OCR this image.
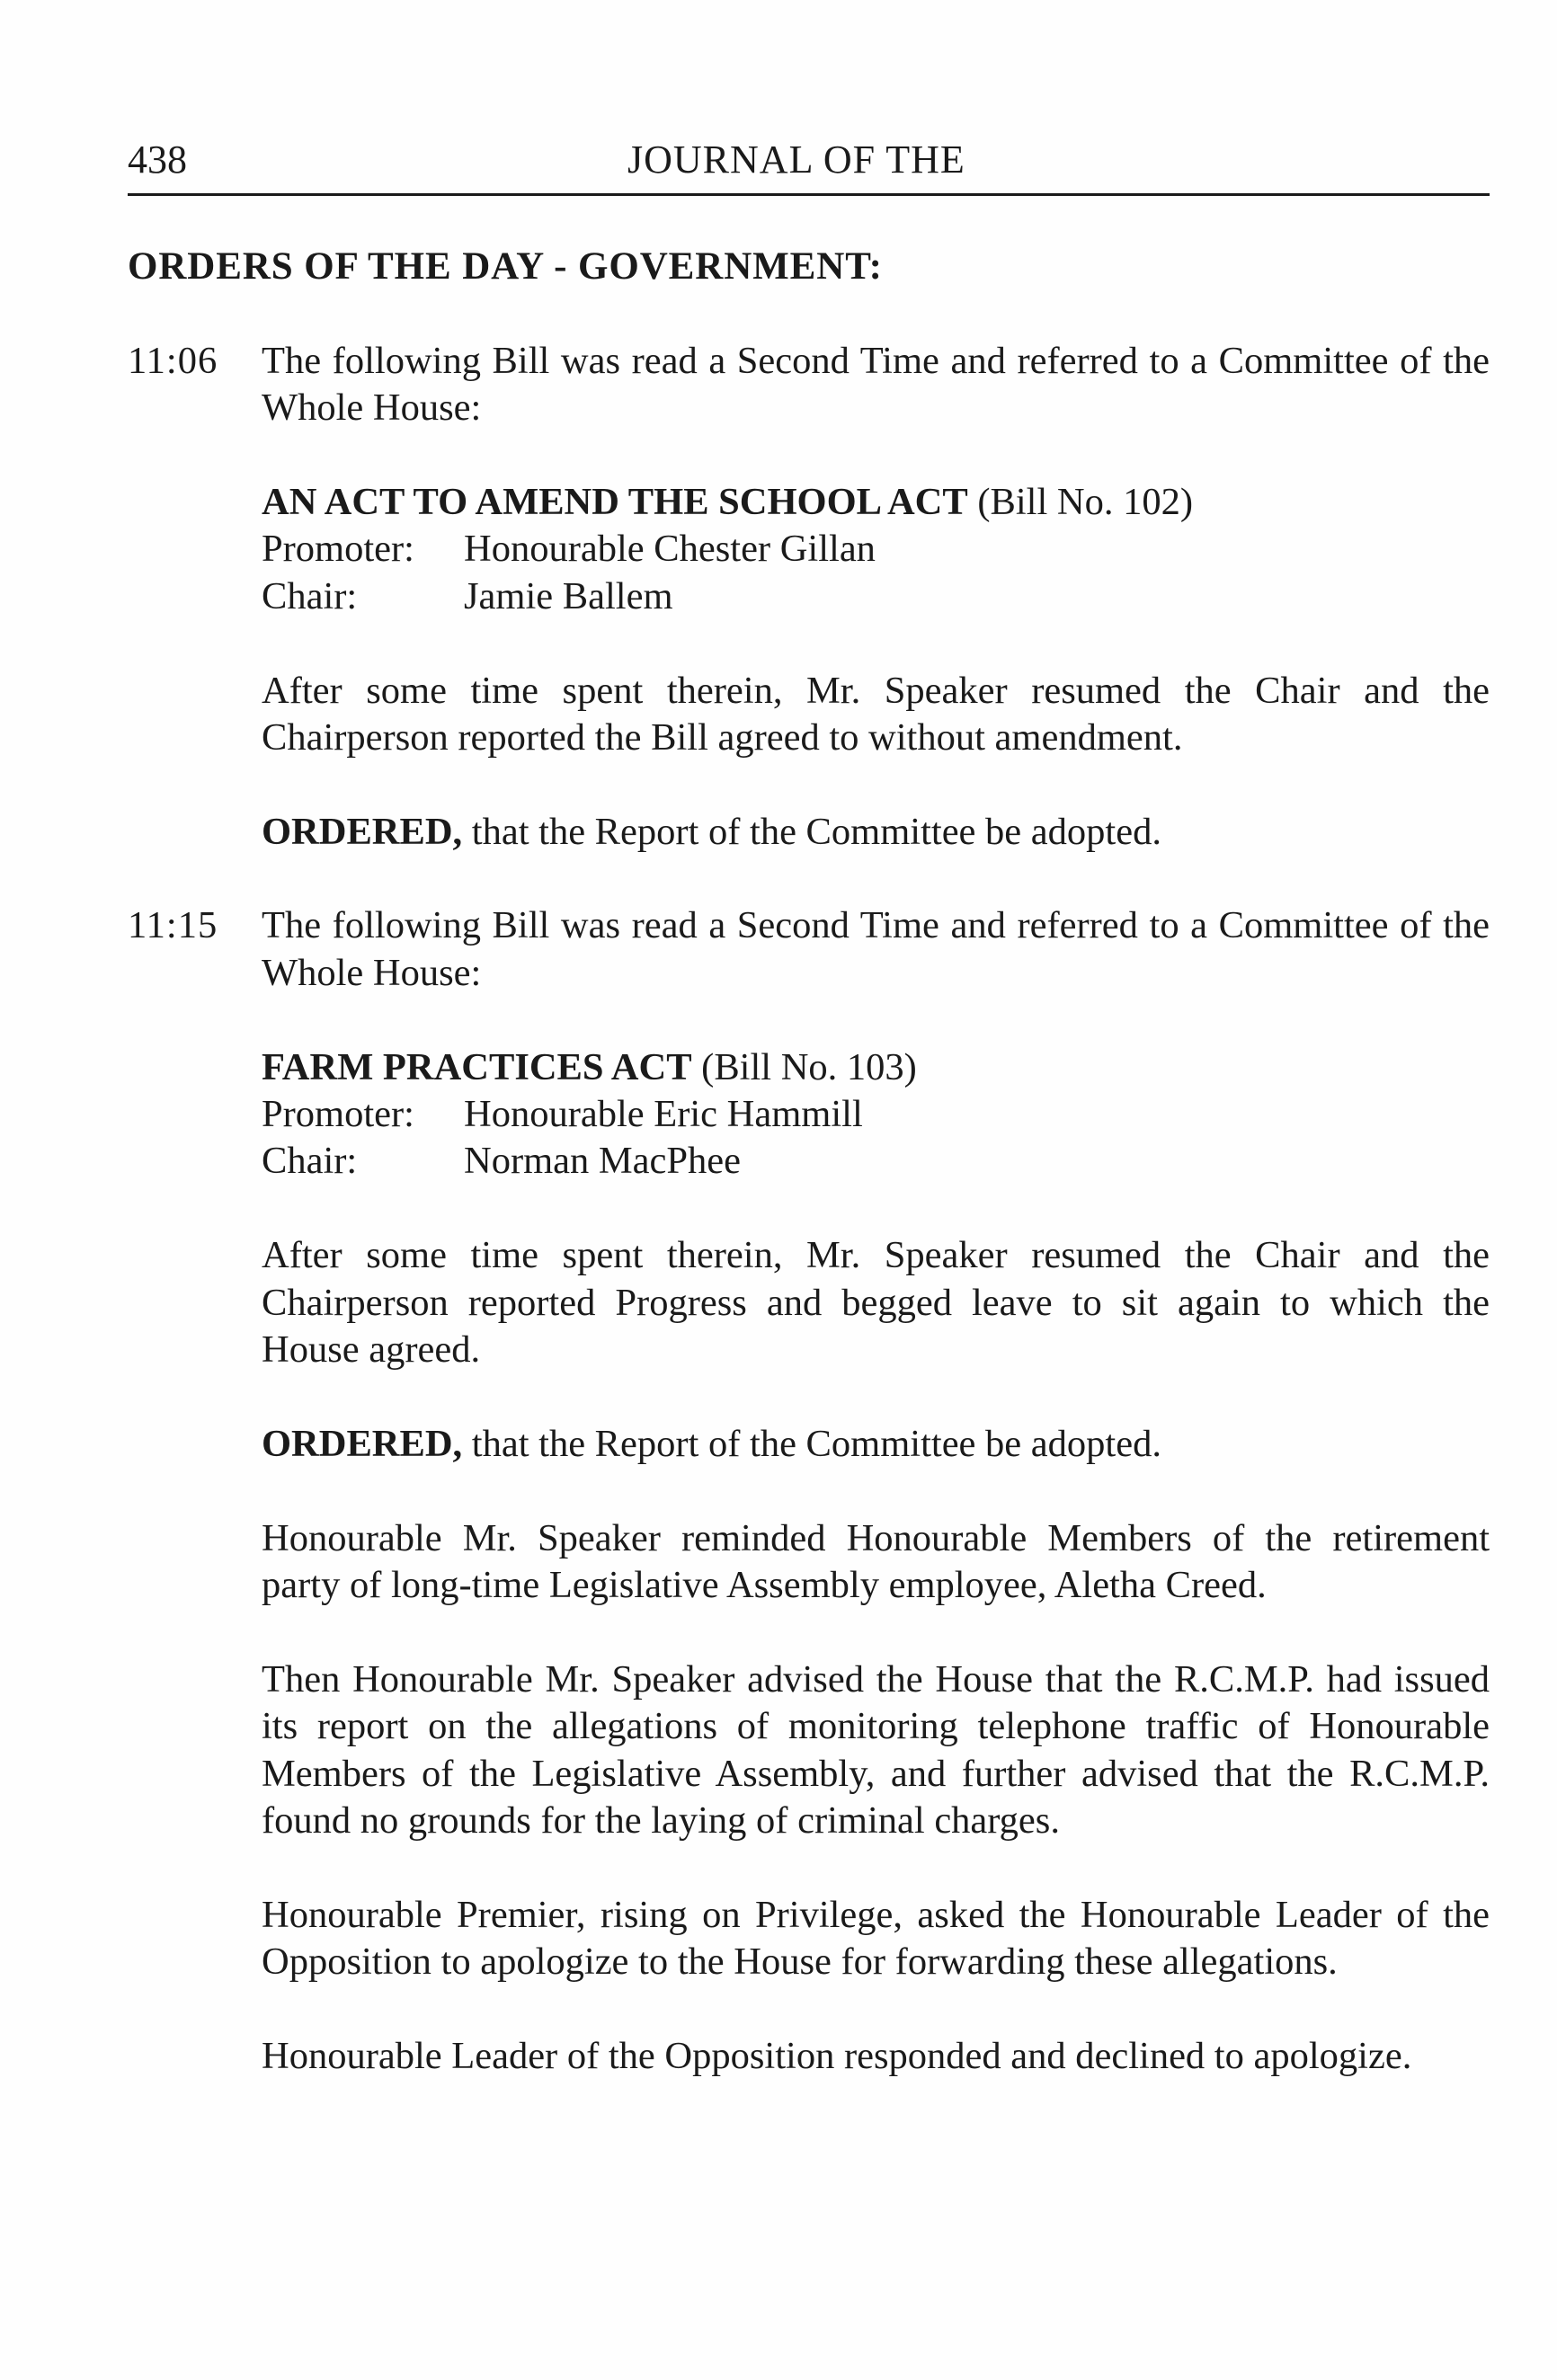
438	JOURNAL OF THE
ORDERS OF THE DAY - GOVERNMENT:
11:06 The following Bill was read a Second Time and referred to a Committee of the
Whole House:
AN ACT TO AMEND THE SCHOOL ACT (Bill No. 102)
Promoter: Honourable Chester Gillan
Chair:	Jamie Ballem
After some time spent therein, Mr. Speaker resumed the Chair and the
Chairperson reported the Bill agreed to without amendment.
ORDERED, that the Report of the Committee be adopted.
11:15 The following Bill was read a Second Time and referred to a Committee of the
Whole House:
FARM PRACTICES ACT (Bill No. 103)
Promoter: Honourable Eric Hammill
Chair:	Norman MacPhee
After some time spent therein, Mr. Speaker resumed the Chair and the
Chairperson reported Progress and begged leave to sit again to which the
House agreed.
ORDERED, that the Report of the Committee be adopted.
Honourable Mr. Speaker reminded Honourable Members of the retirement
party of long-time Legislative Assembly employee, Aletha Creed.
Then Honourable Mr. Speaker advised the House that the R.C.M.P. had issued
its report on the allegations of monitoring telephone traffic of Honourable
Members of the Legislative Assembly, and further advised that the R.C.M.P.
found no grounds for the laying of criminal charges.
Honourable Premier, rising on Privilege, asked the Honourable Leader of the
Opposition to apologize to the House for forwarding these allegations.
Honourable Leader of the Opposition responded and declined to apologize.
